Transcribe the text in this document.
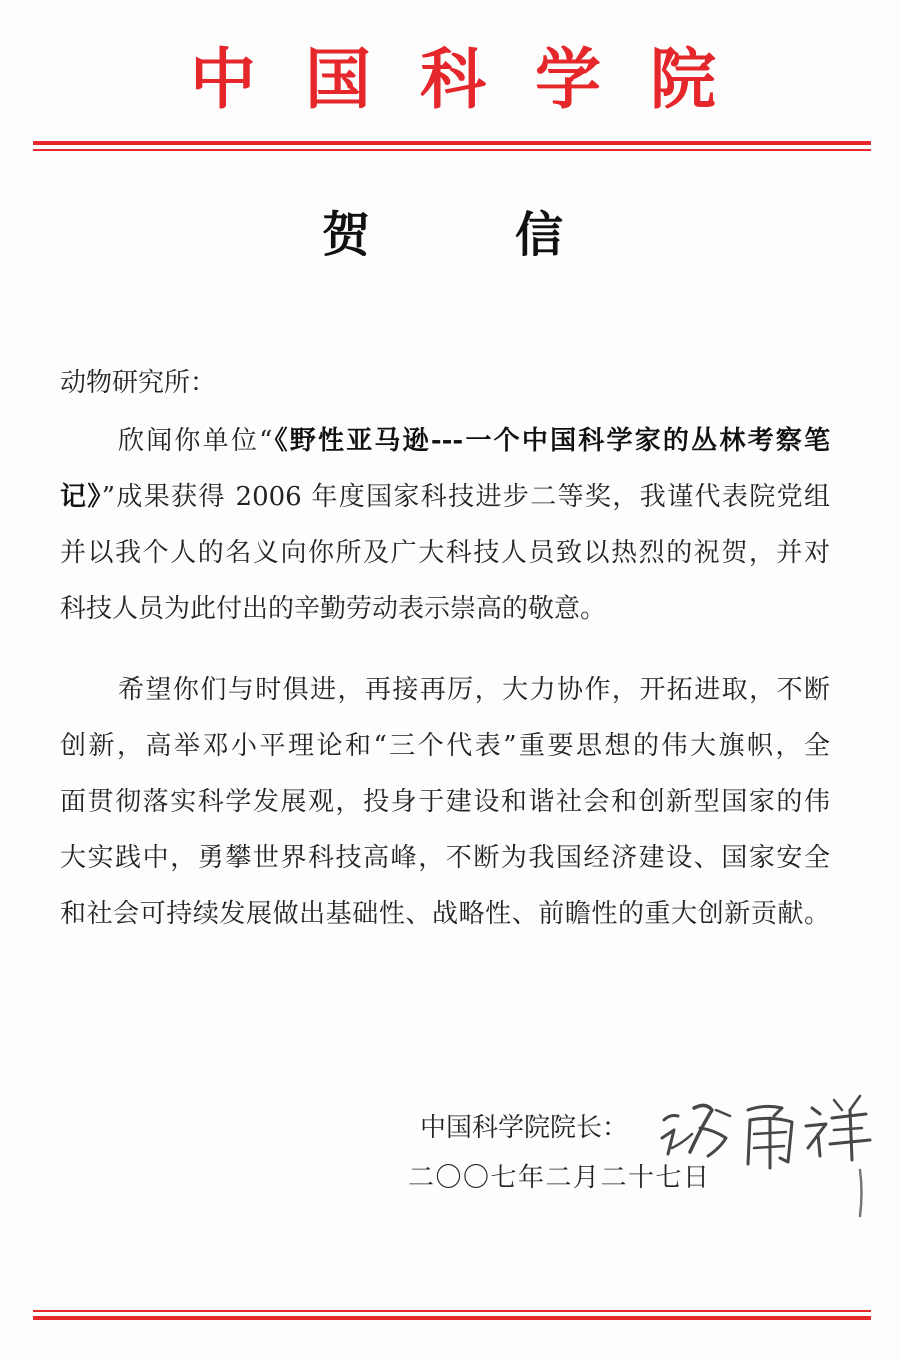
中国科学院
贺信
动物研究所：
欣闻你单位“《野性亚马逊---一个中国科学家的丛林考察笔
记》”成果获得 2006 年度国家科技进步二等奖，我谨代表院党组
并以我个人的名义向你所及广大科技人员致以热烈的祝贺，并对
科技人员为此付出的辛勤劳动表示崇高的敬意。
希望你们与时俱进，再接再厉，大力协作，开拓进取，不断
创新，高举邓小平理论和“三个代表”重要思想的伟大旗帜，全
面贯彻落实科学发展观，投身于建设和谐社会和创新型国家的伟
大实践中，勇攀世界科技高峰，不断为我国经济建设、国家安全
和社会可持续发展做出基础性、战略性、前瞻性的重大创新贡献。
中国科学院院长：
二〇〇七年二月二十七日
